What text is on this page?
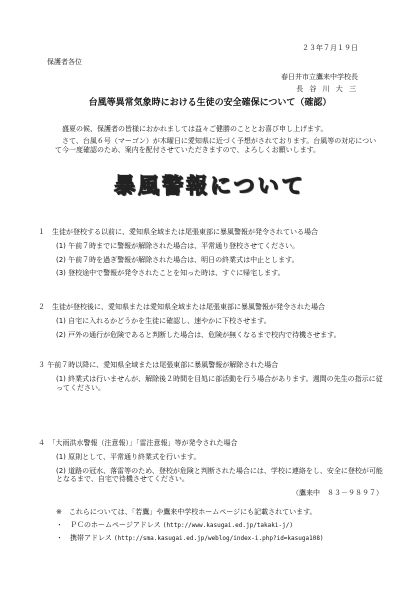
２３年７月１９日
保護者各位
春日井市立鷹来中学校長
長 谷 川 大 三
台風等異常気象時における生徒の安全確保について（確認）

盛夏の候、保護者の皆様におかれましては益々ご健勝のこととお喜び申し上げます。

さて、台風６号（マーゴン）が木曜日に愛知県に近づく予想がされております。台風等の対応について今一度確認のため、案内を配付させていただきますので、よろしくお願いします。

暴風警報について
１　生徒が登校する以前に、愛知県全域または尾張東部に暴風警報が発令されている場合
(1) 午前７時までに警報が解除された場合は、平常通り登校させてください。
(2) 午前７時を過ぎ警報が解除された場合は、明日の終業式は中止とします。
(3) 登校途中で警報が発令されたことを知った時は、すぐに帰宅します。
２　生徒が登校後に、愛知県または愛知県全域または尾張東部に暴風警報が発令された場合
(1) 自宅に入れるかどうかを生徒に確認し、速やかに下校させます。
(2) 戸外の通行が危険であると判断した場合は、危険が無くなるまで校内で待機させます。
３ 午前７時以降に、愛知県全域または尾張東部に暴風警報が解除された場合
(1) 終業式は行いませんが、解除後２時間を目処に部活動を行う場合があります。週間の先生の指示に従ってください。
４　「大雨洪水警報（注意報）」「雷注意報」等が発令された場合
(1) 原則として、平常通り終業式を行います。
(2) 道路の冠水、落雷等のため、登校が危険と判断された場合には、学校に連絡をし、安全に登校が可能となるまで、自宅で待機させてください。
（鷹来中　８３－９８９７）
※　これらについては、「若鷹」や鷹来中学校ホームページにも記載されています。
・　ＰＣのホームページアドレス (http://www.kasugai.ed.jp/takaki-j/)
・　携帯アドレス (http://sma.kasugai.ed.jp/weblog/index-i.php?id=kasuga108)
